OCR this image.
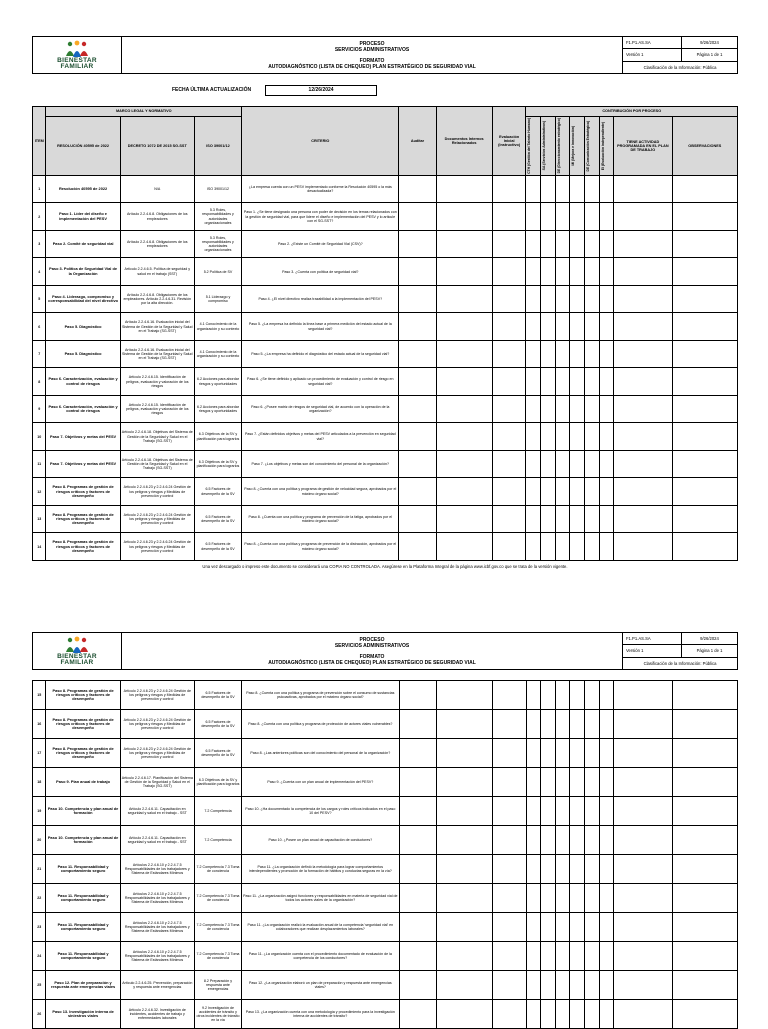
BIENESTAR
FAMILIAR
PROCESO
SERVICIOS ADMINISTRATIVOS
FORMATO
AUTODIAGNÓSTICO (LISTA DE CHEQUEO) PLAN ESTRATÉGICO DE SEGURIDAD VIAL
F1.P1.AS.SA	9/26/2024
Versión 1	Página 1 de 1
Clasificación de la Información: Pública
FECHA ÚLTIMA ACTUALIZACIÓN	12/26/2024
ITEM	MARCO LEGAL Y NORMATIVO			CRITERIO	Auditar	Documentos Internos Relacionados	Evaluación Inicial (Instructivo)	CONTRIBUCIÓN POR PROCESO							
	RESOLUCIÓN 40595 de 2022	DECRETO 1072 DE 2015 SG-SST	ISO 39001/12					CTH (Gestión del Talento Humano)	SA (Servicios Administrativos)	DE (Direccionamiento estratégico)	MI (Mejora e innovación)	DE (Comunicación Estratégica)	EI (Evaluación independiente)	TIENE ACTIVIDAD PROGRAMADA EN EL PLAN DE TRABAJO	OBSERVACIONES
1	Resolución 40595 de 2022	N/A	ISO 39001/12	¿La empresa cuenta con un PESV implementado conforme la Resolución 40595 o la más desactualizada?											
2	Paso 1. Líder del diseño e implementación del PESV	Artículo 2.2.4.6.8. Obligaciones de los empleadores	5.3 Roles, responsabilidades y autoridades organizacionales	Paso 1. ¿Se tiene designado una persona con poder de decisión en los temas relacionados con la gestión de seguridad vial, para que lidere el diseño e implementación del PESV y lo articule con el SG-SST?											
3	Paso 2. Comité de seguridad vial	Artículo 2.2.4.6.8. Obligaciones de los empleadores	5.3 Roles, responsabilidades y autoridades organizacionales	Paso 2. ¿Existe un Comité de Seguridad Vial (CSV)?											
4	Paso 3. Política de Seguridad Vial de la Organización	Artículo 2.2.4.6.5. Política de seguridad y salud en el trabajo (SST)	5.2 Política de SV	Paso 3. ¿Cuenta con política de seguridad vial?											
5	Paso 4. Liderazgo, compromiso y corresponsabilidad del nivel directivo	Artículo 2.2.4.6.8. Obligaciones de los empleadores. Artículo 2.2.4.6.31. Revisión por la alta dirección.	5.1 Liderazgo y compromiso	Paso 4. ¿El nivel directivo realiza trazabilidad a la implementación del PESV?											
6	Paso 5. Diagnóstico	Artículo 2.2.4.6.16. Evaluación inicial del Sistema de Gestión de la Seguridad y Salud en el Trabajo (SG-SST)	4.1 Conocimiento de la organización y su contexto	Paso 5. ¿La empresa ha definido la línea base a primera medición del estado actual de la seguridad vial?											
7	Paso 5. Diagnóstico	Artículo 2.2.4.6.16. Evaluación inicial del Sistema de Gestión de la Seguridad y Salud en el Trabajo (SG-SST)	4.1 Conocimiento de la organización y su contexto	Paso 5. ¿La empresa ha definido el diagnóstico del estado actual de la seguridad vial?											
8	Paso 6. Caracterización, evaluación y control de riesgos	Artículo 2.2.4.6.15. Identificación de peligros, evaluación y valoración de los riesgos	6.2 Acciones para abordar riesgos y oportunidades	Paso 6. ¿Se tiene definido y aplicado un procedimiento de evaluación y control de riesgo en seguridad vial?											
9	Paso 6. Caracterización, evaluación y control de riesgos	Artículo 2.2.4.6.15. Identificación de peligros, evaluación y valoración de los riesgos	6.2 Acciones para abordar riesgos y oportunidades	Paso 6. ¿Posee matriz de riesgos de seguridad vial, de acuerdo con la operación de la organización?											
10	Paso 7. Objetivos y metas del PESV	Artículo 2.2.4.6.18. Objetivos del Sistema de Gestión de la Seguridad y Salud en el Trabajo (SG-SST)	6.3 Objetivos de la SV y planificación para lograrlos	Paso 7. ¿Están definidos objetivos y metas del PESV articulados a la prevención en seguridad vial?											
11	Paso 7. Objetivos y metas del PESV	Artículo 2.2.4.6.18. Objetivos del Sistema de Gestión de la Seguridad y Salud en el Trabajo (SG-SST)	6.3 Objetivos de la SV y planificación para lograrlos	Paso 7. ¿Los objetivos y metas son del conocimiento del personal de la organización?											
12	Paso 8. Programas de gestión de riesgos críticos y factores de desempeño	Artículo 2.2.4.6.23 y 2.2.4.6.24 Gestión de los peligros y riesgos y Medidas de prevención y control	6.5 Factores de desempeño de la SV	Paso 8. ¿Cuenta con una política y programa de gestión de velocidad segura, aprobados por el máximo órgano social?											
13	Paso 8. Programas de gestión de riesgos críticos y factores de desempeño	Artículo 2.2.4.6.23 y 2.2.4.6.24 Gestión de los peligros y riesgos y Medidas de prevención y control	6.5 Factores de desempeño de la SV	Paso 8. ¿Cuenta con una política y programa de prevención de la fatiga, aprobados por el máximo órgano social?											
14	Paso 8. Programas de gestión de riesgos críticos y factores de desempeño	Artículo 2.2.4.6.23 y 2.2.4.6.24 Gestión de los peligros y riesgos y Medidas de prevención y control	6.5 Factores de desempeño de la SV	Paso 8. ¿Cuenta con una política y programa de prevención de la distracción, aprobados por el máximo órgano social?											
Una vez descargado o impreso este documento se considerará una COPIA NO CONTROLADA. Asegúrese en la Plataforma Integral de la página www.icbf.gov.co que se trata de la versión vigente.
BIENESTAR
FAMILIAR
PROCESO
SERVICIOS ADMINISTRATIVOS
FORMATO
AUTODIAGNÓSTICO (LISTA DE CHEQUEO) PLAN ESTRATÉGICO DE SEGURIDAD VIAL
F1.P1.AS.SA	9/26/2024
Versión 1	Página 1 de 1
Clasificación de la Información: Pública
15	Paso 8. Programas de gestión de riesgos críticos y factores de desempeño	Artículo 2.2.4.6.23 y 2.2.4.6.24 Gestión de los peligros y riesgos y Medidas de prevención y control	6.5 Factores de desempeño de la SV	Paso 8. ¿Cuenta con una política y programa de prevención sobre el consumo de sustancias psicoactivas, aprobados por el máximo órgano social?											
16	Paso 8. Programas de gestión de riesgos críticos y factores de desempeño	Artículo 2.2.4.6.23 y 2.2.4.6.24 Gestión de los peligros y riesgos y Medidas de prevención y control	6.5 Factores de desempeño de la SV	Paso 8. ¿Cuenta con una política y programa de protección de actores viales vulnerables?											
17	Paso 8. Programas de gestión de riesgos críticos y factores de desempeño	Artículo 2.2.4.6.23 y 2.2.4.6.24 Gestión de los peligros y riesgos y Medidas de prevención y control	6.5 Factores de desempeño de la SV	Paso 8. ¿Las anteriores políticas son del conocimiento del personal de la organización?											
18	Paso 9. Plan anual de trabajo	Artículo 2.2.4.6.17. Planificación del Sistema de Gestión de la Seguridad y Salud en el Trabajo (SG-SST)	6.3 Objetivos de la SV y planificación para lograrlos	Paso 9. ¿Cuenta con un plan anual de implementación del PESV?											
19	Paso 10. Competencia y plan anual de formación	Artículo 2.2.4.6.11. Capacitación en seguridad y salud en el trabajo - SST	7.2 Competencia	Paso 10. ¿Ha documentado la competencia de los cargos y roles críticos indicados en el paso 10 del PESV?											
20	Paso 10. Competencia y plan anual de formación	Artículo 2.2.4.6.11. Capacitación en seguridad y salud en el trabajo - SST	7.2 Competencia	Paso 10. ¿Posee un plan anual de capacitación de conductores?											
21	Paso 11. Responsabilidad y comportamiento seguro	Artículos 2.2.4.6.10 y 2.2.4.7.5 Responsabilidades de los trabajadores y Sistema de Estándares Mínimos	7.2 Competencia 7.3 Toma de conciencia	Paso 11. ¿La organización definió la metodología para lograr comportamientos interdependientes y promoción de la formación de hábitos y conductas seguras en la vía?											
22	Paso 11. Responsabilidad y comportamiento seguro	Artículos 2.2.4.6.10 y 2.2.4.7.5 Responsabilidades de los trabajadores y Sistema de Estándares Mínimos	7.2 Competencia 7.3 Toma de conciencia	Paso 11. ¿La organización asignó funciones y responsabilidades en materia de seguridad vial de todos los actores viales de la organización?											
23	Paso 11. Responsabilidad y comportamiento seguro	Artículos 2.2.4.6.10 y 2.2.4.7.5 Responsabilidades de los trabajadores y Sistema de Estándares Mínimos	7.2 Competencia 7.3 Toma de conciencia	Paso 11. ¿La organización realizó la evaluación anual de la competencia 'seguridad vial' en colaboradores que realizan desplazamientos laborales?											
24	Paso 11. Responsabilidad y comportamiento seguro	Artículos 2.2.4.6.10 y 2.2.4.7.5 Responsabilidades de los trabajadores y Sistema de Estándares Mínimos	7.2 Competencia 7.3 Toma de conciencia	Paso 11. ¿La organización cuenta con el procedimiento documentado de evaluación de la competencia de los conductores?											
25	Paso 12. Plan de preparación y respuesta ante emergencias viales	Artículo 2.2.4.6.25. Prevención, preparación y respuesta ante emergencias	8.2 Preparación y respuesta ante emergencias	Paso 12. ¿La organización elaboró un plan de preparación y respuesta ante emergencias viales?											
26	Paso 13. Investigación interna de siniestros viales	Artículo 2.2.4.6.32. Investigación de incidentes, accidentes de trabajo y enfermedades laborales	9.2 Investigación de accidentes de tránsito y otros incidentes de tránsito en la vía	Paso 13. ¿La organización cuenta con una metodología y procedimiento para la investigación interna de accidentes de tránsito?											
